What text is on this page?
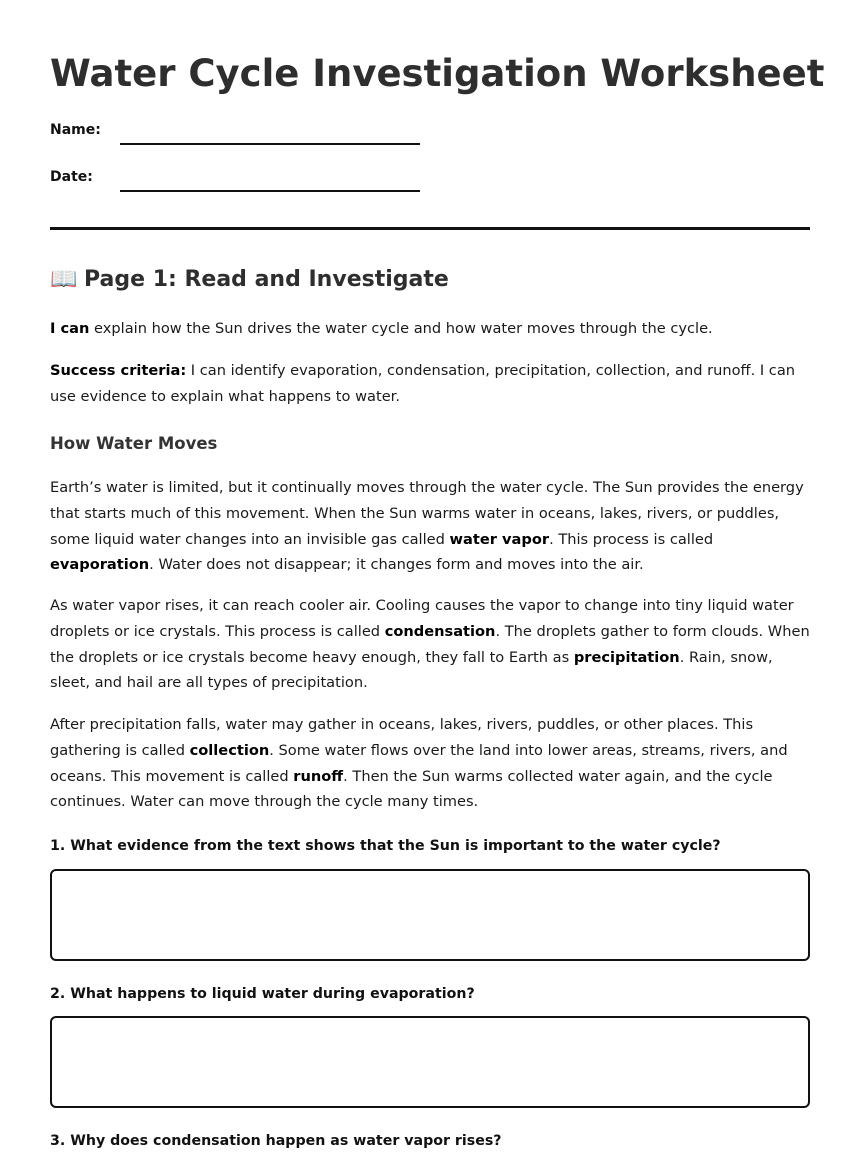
Water Cycle Investigation Worksheet
Name:
Date:
📖 Page 1: Read and Investigate

I can explain how the Sun drives the water cycle and how water moves through the cycle.

Success criteria: I can identify evaporation, condensation, precipitation, collection, and runoff. I can use evidence to explain what happens to water.

How Water Moves

Earth’s water is limited, but it continually moves through the water cycle. The Sun provides the energy that starts much of this movement. When the Sun warms water in oceans, lakes, rivers, or puddles, some liquid water changes into an invisible gas called water vapor. This process is called evaporation. Water does not disappear; it changes form and moves into the air.

As water vapor rises, it can reach cooler air. Cooling causes the vapor to change into tiny liquid water droplets or ice crystals. This process is called condensation. The droplets gather to form clouds. When the droplets or ice crystals become heavy enough, they fall to Earth as precipitation. Rain, snow, sleet, and hail are all types of precipitation.

After precipitation falls, water may gather in oceans, lakes, rivers, puddles, or other places. This gathering is called collection. Some water flows over the land into lower areas, streams, rivers, and oceans. This movement is called runoff. Then the Sun warms collected water again, and the cycle continues. Water can move through the cycle many times.

1. What evidence from the text shows that the Sun is important to the water cycle?

2. What happens to liquid water during evaporation?

3. Why does condensation happen as water vapor rises?
